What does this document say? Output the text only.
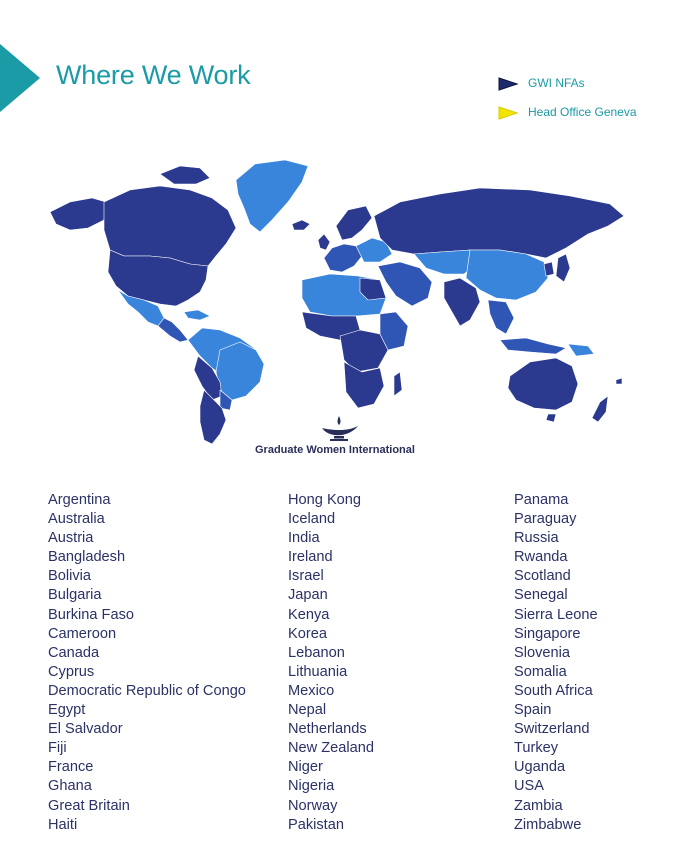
Where We Work	GWI NFAs
Head Office Geneva
Graduate Women International
Argentina
Australia
Austria
Bangladesh
Bolivia
Bulgaria
Burkina Faso
Cameroon
Canada
Cyprus
Democratic Republic of Congo
Egypt
El Salvador
Fiji
France
Ghana
Great Britain
Haiti
Hong Kong
Iceland
India
Ireland
Israel
Japan
Kenya
Korea
Lebanon
Lithuania
Mexico
Nepal
Netherlands
New Zealand
Niger
Nigeria
Norway
Pakistan
Panama
Paraguay
Russia
Rwanda
Scotland
Senegal
Sierra Leone
Singapore
Slovenia
Somalia
South Africa
Spain
Switzerland
Turkey
Uganda
USA
Zambia
Zimbabwe
